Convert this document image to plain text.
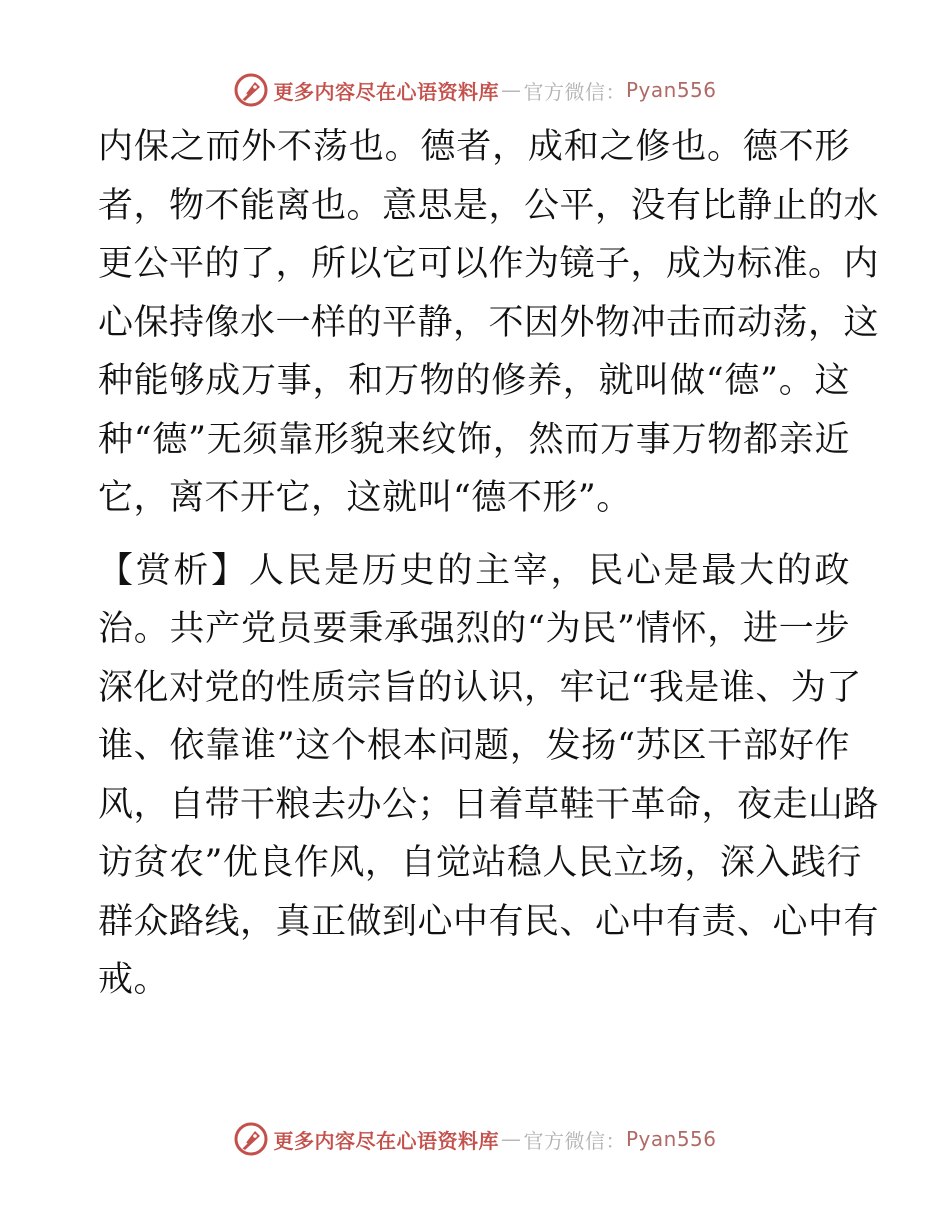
更多内容尽在心语资料库 — 官方微信： Pyan556

内保之而外不荡也。德者，成和之修也。德不形
者，物不能离也。意思是，公平，没有比静止的水
更公平的了，所以它可以作为镜子，成为标准。内
心保持像水一样的平静，不因外物冲击而动荡，这
种能够成万事，和万物的修养，就叫做“德”。这
种“德”无须靠形貌来纹饰，然而万事万物都亲近
它，离不开它，这就叫“德不形”。

【赏析】人民是历史的主宰，民心是最大的政
治。共产党员要秉承强烈的“为民”情怀，进一步
深化对党的性质宗旨的认识，牢记“我是谁、为了
谁、依靠谁”这个根本问题，发扬“苏区干部好作
风，自带干粮去办公；日着草鞋干革命，夜走山路
访贫农”优良作风，自觉站稳人民立场，深入践行
群众路线，真正做到心中有民、心中有责、心中有
戒。

更多内容尽在心语资料库 — 官方微信： Pyan556
